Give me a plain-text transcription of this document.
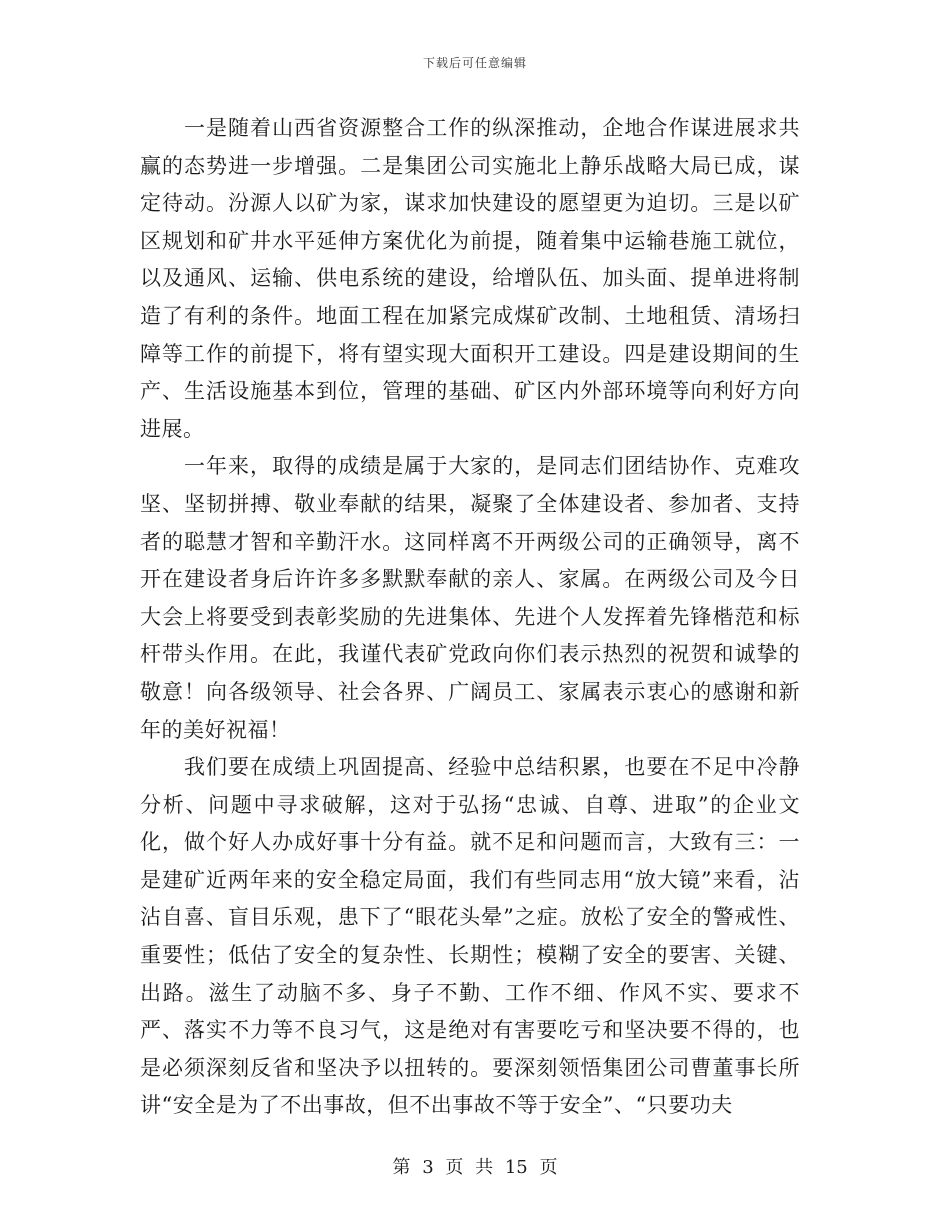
下载后可任意编辑

一是随着山西省资源整合工作的纵深推动，企地合作谋进展求共赢的态势进一步增强。二是集团公司实施北上静乐战略大局已成，谋定待动。汾源人以矿为家，谋求加快建设的愿望更为迫切。三是以矿区规划和矿井水平延伸方案优化为前提，随着集中运输巷施工就位，以及通风、运输、供电系统的建设，给增队伍、加头面、提单进将制造了有利的条件。地面工程在加紧完成煤矿改制、土地租赁、清场扫障等工作的前提下，将有望实现大面积开工建设。四是建设期间的生产、生活设施基本到位，管理的基础、矿区内外部环境等向利好方向进展。

一年来，取得的成绩是属于大家的，是同志们团结协作、克难攻坚、坚韧拼搏、敬业奉献的结果，凝聚了全体建设者、参加者、支持者的聪慧才智和辛勤汗水。这同样离不开两级公司的正确领导，离不开在建设者身后许许多多默默奉献的亲人、家属。在两级公司及今日大会上将要受到表彰奖励的先进集体、先进个人发挥着先锋楷范和标杆带头作用。在此，我谨代表矿党政向你们表示热烈的祝贺和诚挚的敬意！向各级领导、社会各界、广阔员工、家属表示衷心的感谢和新年的美好祝福！

我们要在成绩上巩固提高、经验中总结积累，也要在不足中冷静分析、问题中寻求破解，这对于弘扬“忠诚、自尊、进取”的企业文化，做个好人办成好事十分有益。就不足和问题而言，大致有三：一是建矿近两年来的安全稳定局面，我们有些同志用“放大镜”来看，沾沾自喜、盲目乐观，患下了“眼花头晕”之症。放松了安全的警戒性、重要性；低估了安全的复杂性、长期性；模糊了安全的要害、关键、出路。滋生了动脑不多、身子不勤、工作不细、作风不实、要求不严、落实不力等不良习气，这是绝对有害要吃亏和坚决要不得的，也是必须深刻反省和坚决予以扭转的。要深刻领悟集团公司曹董事长所讲“安全是为了不出事故，但不出事故不等于安全”、“只要功夫

第 3 页 共 15 页
